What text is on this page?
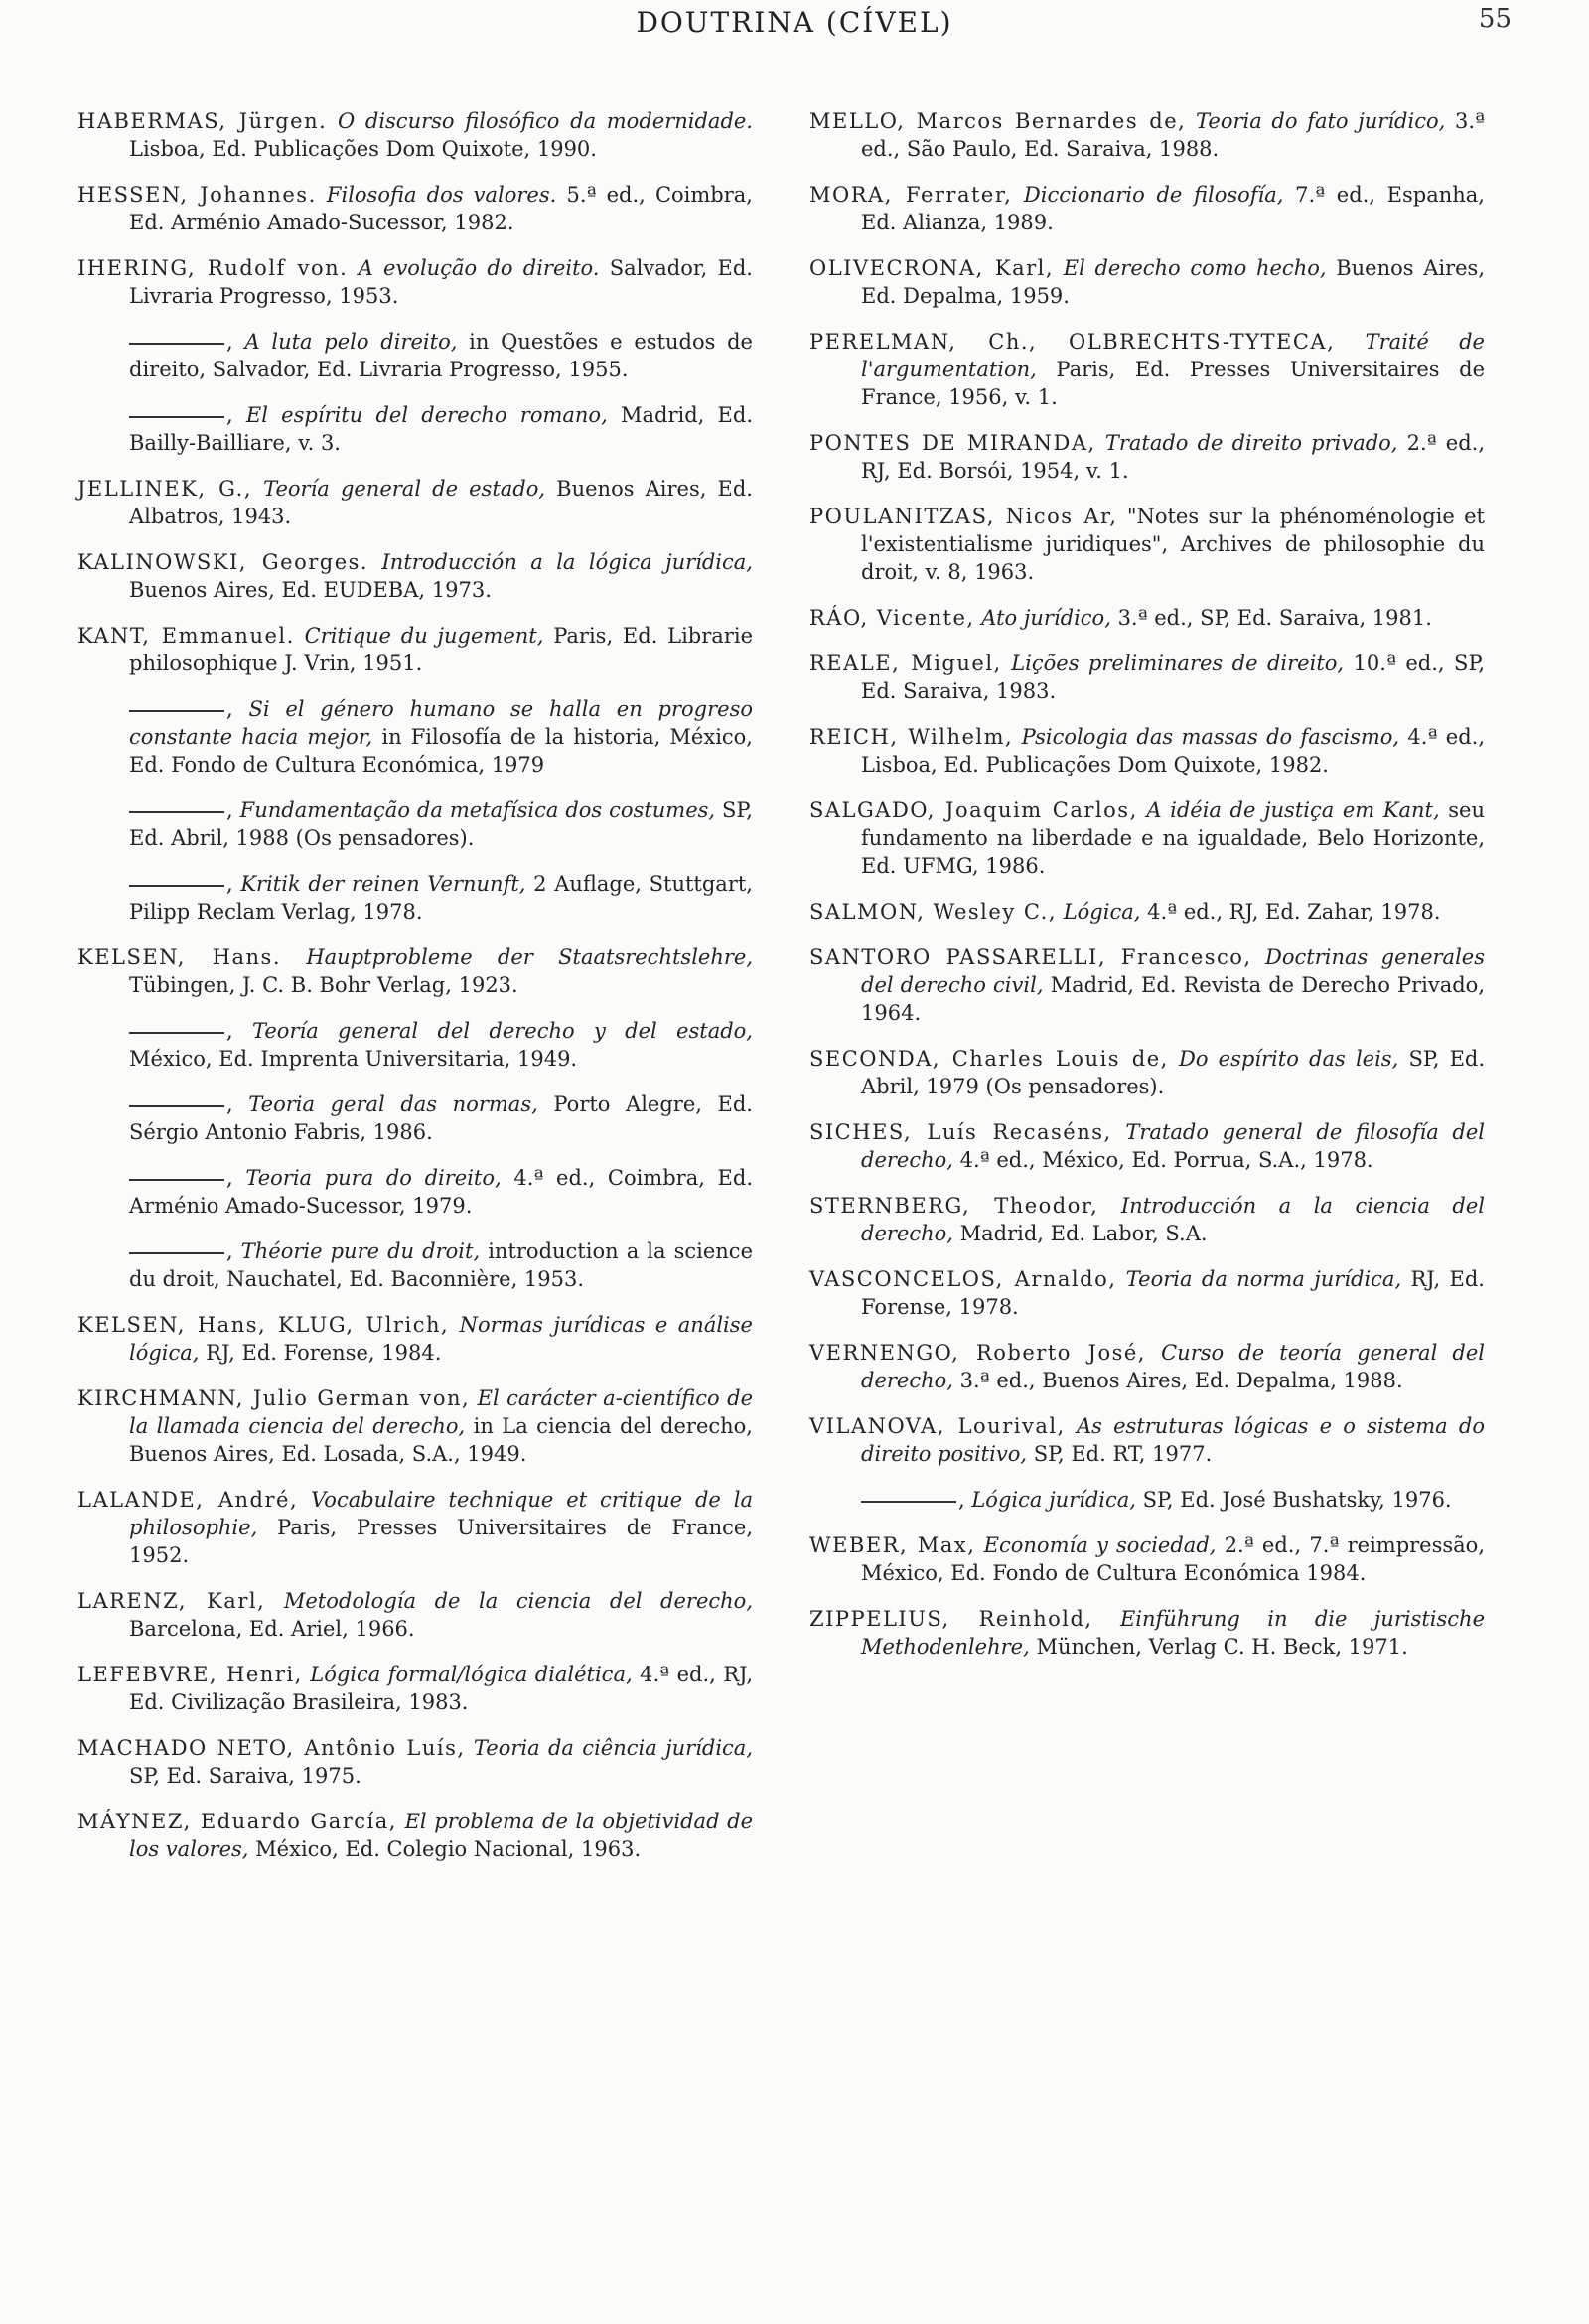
DOUTRINA (CÍVEL)	55

HABERMAS, Jürgen. O discurso filosófico da modernidade. Lisboa, Ed. Publicações Dom Quixote, 1990.

HESSEN, Johannes. Filosofia dos valores. 5.ª ed., Coimbra, Ed. Arménio Amado-Sucessor, 1982.

IHERING, Rudolf von. A evolução do direito. Salvador, Ed. Livraria Progresso, 1953.

, A luta pelo direito, in Questões e estudos de direito, Salvador, Ed. Livraria Progresso, 1955.

, El espíritu del derecho romano, Madrid, Ed. Bailly-Bailliare, v. 3.

JELLINEK, G., Teoría general de estado, Buenos Aires, Ed. Albatros, 1943.

KALINOWSKI, Georges. Introducción a la lógica jurídica, Buenos Aires, Ed. EUDEBA, 1973.

KANT, Emmanuel. Critique du jugement, Paris, Ed. Librarie philosophique J. Vrin, 1951.

, Si el género humano se halla en progreso constante hacia mejor, in Filosofía de la historia, México, Ed. Fondo de Cultura Económica, 1979

, Fundamentação da metafísica dos costumes, SP, Ed. Abril, 1988 (Os pensadores).

, Kritik der reinen Vernunft, 2 Auflage, Stuttgart, Pilipp Reclam Verlag, 1978.

KELSEN, Hans. Hauptprobleme der Staatsrechtslehre, Tübingen, J. C. B. Bohr Verlag, 1923.

, Teoría general del derecho y del estado, México, Ed. Imprenta Universitaria, 1949.

, Teoria geral das normas, Porto Alegre, Ed. Sérgio Antonio Fabris, 1986.

, Teoria pura do direito, 4.ª ed., Coimbra, Ed. Arménio Amado-Sucessor, 1979.

, Théorie pure du droit, introduction a la science du droit, Nauchatel, Ed. Baconnière, 1953.

KELSEN, Hans, KLUG, Ulrich, Normas jurídicas e análise lógica, RJ, Ed. Forense, 1984.

KIRCHMANN, Julio German von, El carácter a-científico de la llamada ciencia del derecho, in La ciencia del derecho, Buenos Aires, Ed. Losada, S.A., 1949.

LALANDE, André, Vocabulaire technique et critique de la philosophie, Paris, Presses Universitaires de France, 1952.

LARENZ, Karl, Metodología de la ciencia del derecho, Barcelona, Ed. Ariel, 1966.

LEFEBVRE, Henri, Lógica formal/lógica dialética, 4.ª ed., RJ, Ed. Civilização Brasileira, 1983.

MACHADO NETO, Antônio Luís, Teoria da ciência jurídica, SP, Ed. Saraiva, 1975.

MÁYNEZ, Eduardo García, El problema de la objetividad de los valores, México, Ed. Colegio Nacional, 1963.

MELLO, Marcos Bernardes de, Teoria do fato jurídico, 3.ª ed., São Paulo, Ed. Saraiva, 1988.

MORA, Ferrater, Diccionario de filosofía, 7.ª ed., Espanha, Ed. Alianza, 1989.

OLIVECRONA, Karl, El derecho como hecho, Buenos Aires, Ed. Depalma, 1959.

PERELMAN, Ch., OLBRECHTS-TYTECA, Traité de l'argumentation, Paris, Ed. Presses Universitaires de France, 1956, v. 1.

PONTES DE MIRANDA, Tratado de direito privado, 2.ª ed., RJ, Ed. Borsói, 1954, v. 1.

POULANITZAS, Nicos Ar, "Notes sur la phénoménologie et l'existentialisme juridiques", Archives de philosophie du droit, v. 8, 1963.

RÁO, Vicente, Ato jurídico, 3.ª ed., SP, Ed. Saraiva, 1981.

REALE, Miguel, Lições preliminares de direito, 10.ª ed., SP, Ed. Saraiva, 1983.

REICH, Wilhelm, Psicologia das massas do fascismo, 4.ª ed., Lisboa, Ed. Publicações Dom Quixote, 1982.

SALGADO, Joaquim Carlos, A idéia de justiça em Kant, seu fundamento na liberdade e na igualdade, Belo Horizonte, Ed. UFMG, 1986.

SALMON, Wesley C., Lógica, 4.ª ed., RJ, Ed. Zahar, 1978.

SANTORO PASSARELLI, Francesco, Doctrinas generales del derecho civil, Madrid, Ed. Revista de Derecho Privado, 1964.

SECONDA, Charles Louis de, Do espírito das leis, SP, Ed. Abril, 1979 (Os pensadores).

SICHES, Luís Recaséns, Tratado general de filosofía del derecho, 4.ª ed., México, Ed. Porrua, S.A., 1978.

STERNBERG, Theodor, Introducción a la ciencia del derecho, Madrid, Ed. Labor, S.A.

VASCONCELOS, Arnaldo, Teoria da norma jurídica, RJ, Ed. Forense, 1978.

VERNENGO, Roberto José, Curso de teoría general del derecho, 3.ª ed., Buenos Aires, Ed. Depalma, 1988.

VILANOVA, Lourival, As estruturas lógicas e o sistema do direito positivo, SP, Ed. RT, 1977.

, Lógica jurídica, SP, Ed. José Bushatsky, 1976.

WEBER, Max, Economía y sociedad, 2.ª ed., 7.ª reimpressão, México, Ed. Fondo de Cultura Económica 1984.

ZIPPELIUS, Reinhold, Einführung in die juristische Methodenlehre, München, Verlag C. H. Beck, 1971.
